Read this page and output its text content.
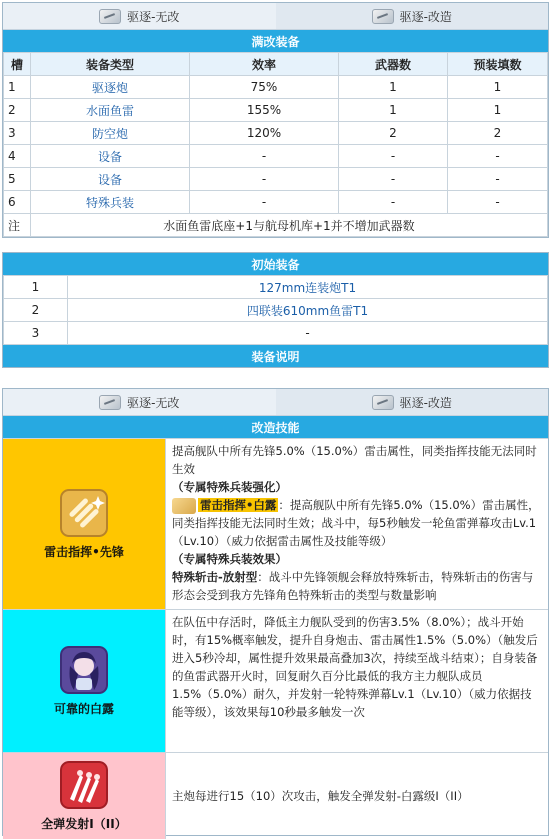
驱逐-无改	驱逐-改造
满改装备
槽	装备类型	效率	武器数	预装填数
1	驱逐炮	75%	1	1
2	水面鱼雷	155%	1	1
3	防空炮	120%	2	2
4	设备	-	-	-
5	设备	-	-	-
6	特殊兵装	-	-	-
注	水面鱼雷底座+1与航母机库+1并不增加武器数			
初始装备
1	127mm连装炮T1
2	四联装610mm鱼雷T1
3	-
装备说明
驱逐-无改	驱逐-改造
改造技能
雷击指挥•先锋
提高舰队中所有先锋5.0%（15.0%）雷击属性，同类指挥技能无法同时生效
（专属特殊兵装强化）
雷击指挥•白露 ：提高舰队中所有先锋5.0%（15.0%）雷击属性，同类指挥技能无法同时生效；战斗中，每5秒触发一轮鱼雷弹幕攻击Lv.1（Lv.10）（威力依据雷击属性及技能等级）
（专属特殊兵装效果）
特殊斩击-放射型：战斗中先锋领舰会释放特殊斩击，特殊斩击的伤害与形态会受到我方先锋角色特殊斩击的类型与数量影响
可靠的白露
在队伍中存活时，降低主力舰队受到的伤害3.5%（8.0%）；战斗开始时，有15%概率触发，提升自身炮击、雷击属性1.5%（5.0%）（触发后进入5秒冷却，属性提升效果最高叠加3次，持续至战斗结束）；自身装备的鱼雷武器开火时，回复耐久百分比最低的我方主力舰队成员1.5%（5.0%）耐久，并发射一轮特殊弹幕Lv.1（Lv.10）（威力依据技能等级），该效果每10秒最多触发一次
全弹发射I（II）
主炮每进行15（10）次攻击，触发全弹发射-白露级I（II）
